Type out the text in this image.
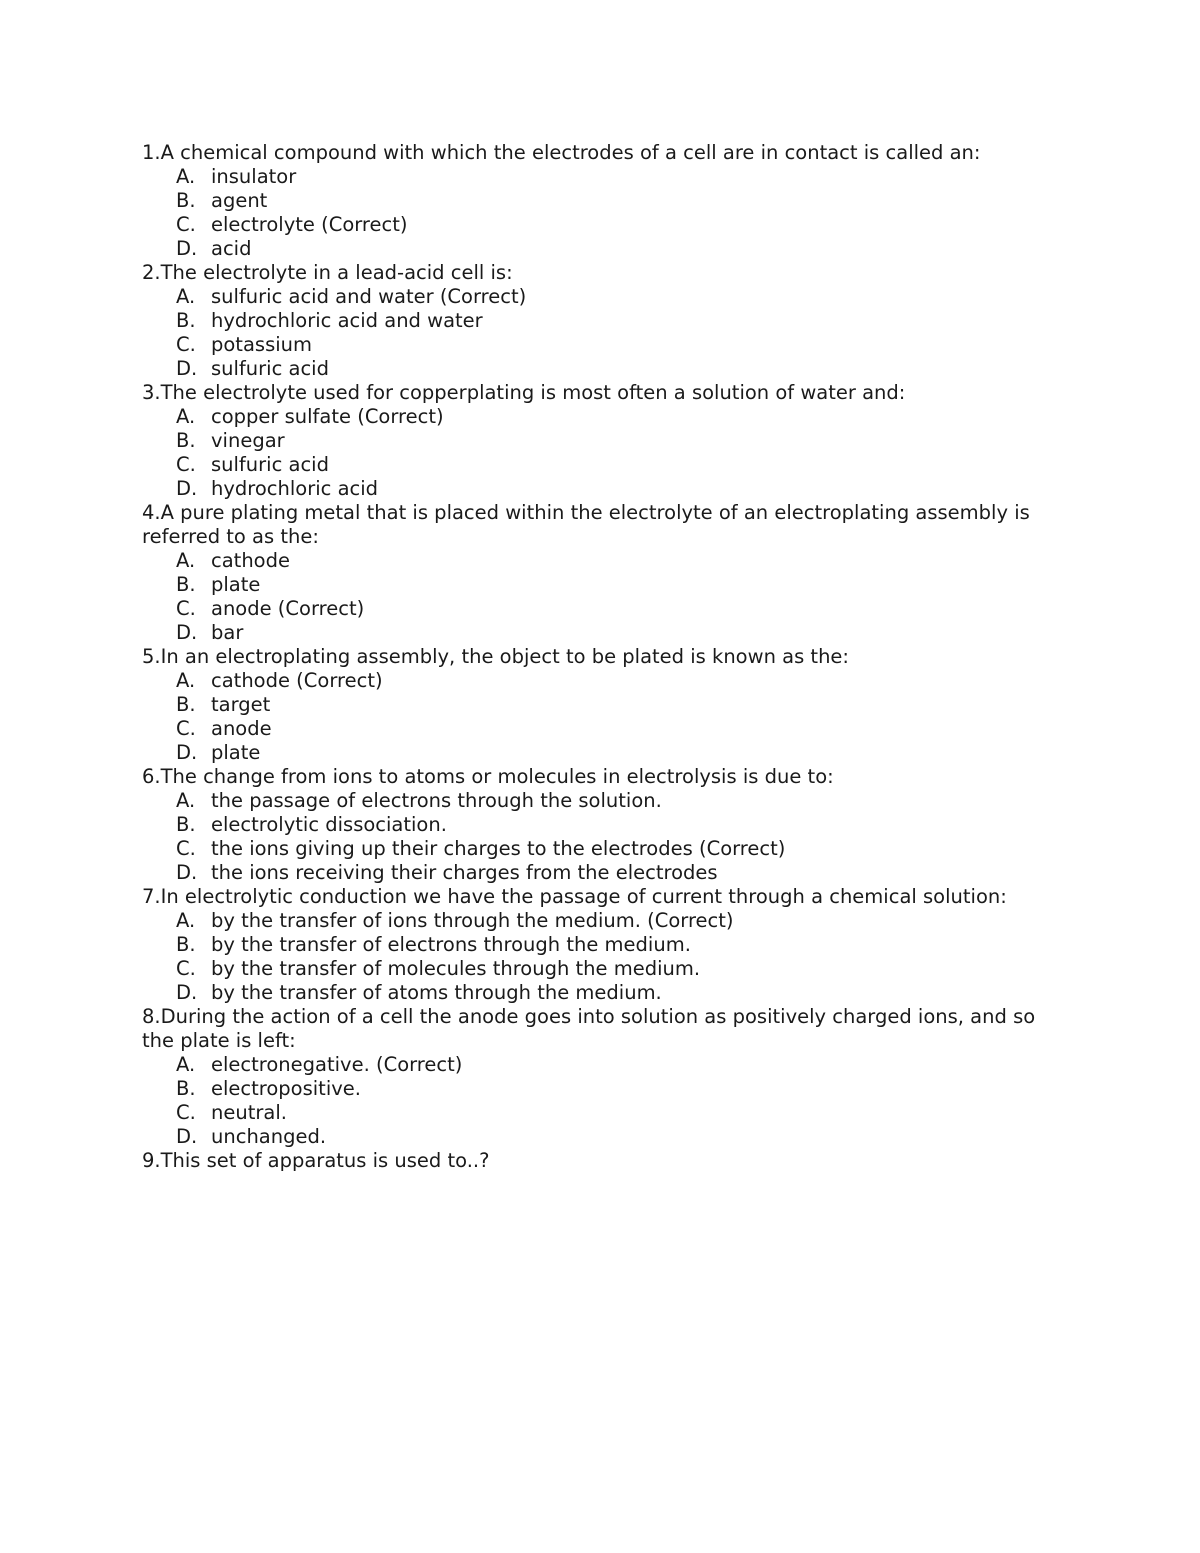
1.A chemical compound with which the electrodes of a cell are in contact is called an:

A. insulator
B. agent
C. electrolyte (Correct)
D. acid

2.The electrolyte in a lead-acid cell is:

A. sulfuric acid and water (Correct)
B. hydrochloric acid and water
C. potassium
D. sulfuric acid

3.The electrolyte used for copperplating is most often a solution of water and:

A. copper sulfate (Correct)
B. vinegar
C. sulfuric acid
D. hydrochloric acid

4.A pure plating metal that is placed within the electrolyte of an electroplating assembly is referred to as the:

A. cathode
B. plate
C. anode (Correct)
D. bar

5.In an electroplating assembly, the object to be plated is known as the:

A. cathode (Correct)
B. target
C. anode
D. plate

6.The change from ions to atoms or molecules in electrolysis is due to:

A. the passage of electrons through the solution.
B. electrolytic dissociation.
C. the ions giving up their charges to the electrodes (Correct)
D. the ions receiving their charges from the electrodes

7.In electrolytic conduction we have the passage of current through a chemical solution:

A. by the transfer of ions through the medium. (Correct)
B. by the transfer of electrons through the medium.
C. by the transfer of molecules through the medium.
D. by the transfer of atoms through the medium.

8.During the action of a cell the anode goes into solution as positively charged ions, and so the plate is left:

A. electronegative. (Correct)
B. electropositive.
C. neutral.
D. unchanged.

9.This set of apparatus is used to..?
